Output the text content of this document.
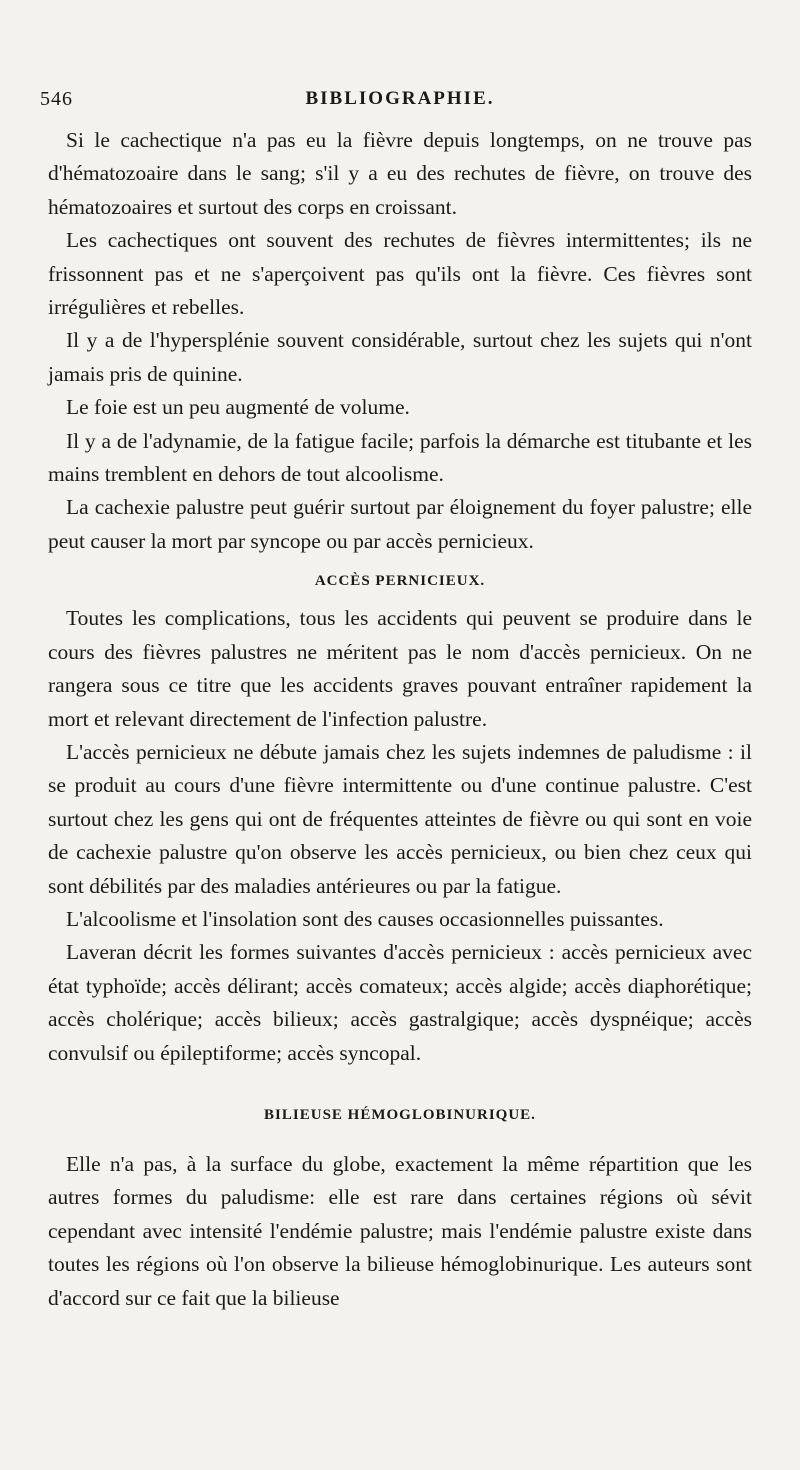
546	BIBLIOGRAPHIE.

Si le cachectique n'a pas eu la fièvre depuis longtemps, on ne trouve pas d'hématozoaire dans le sang; s'il y a eu des rechutes de fièvre, on trouve des hématozoaires et surtout des corps en croissant.

Les cachectiques ont souvent des rechutes de fièvres intermittentes; ils ne frissonnent pas et ne s'aperçoivent pas qu'ils ont la fièvre. Ces fièvres sont irrégulières et rebelles.

Il y a de l'hypersplénie souvent considérable, surtout chez les sujets qui n'ont jamais pris de quinine.

Le foie est un peu augmenté de volume.

Il y a de l'adynamie, de la fatigue facile; parfois la démarche est titubante et les mains tremblent en dehors de tout alcoolisme.

La cachexie palustre peut guérir surtout par éloignement du foyer palustre; elle peut causer la mort par syncope ou par accès pernicieux.

ACCÈS PERNICIEUX.

Toutes les complications, tous les accidents qui peuvent se produire dans le cours des fièvres palustres ne méritent pas le nom d'accès pernicieux. On ne rangera sous ce titre que les accidents graves pouvant entraîner rapidement la mort et relevant directement de l'infection palustre.

L'accès pernicieux ne débute jamais chez les sujets indemnes de paludisme : il se produit au cours d'une fièvre intermittente ou d'une continue palustre. C'est surtout chez les gens qui ont de fréquentes atteintes de fièvre ou qui sont en voie de cachexie palustre qu'on observe les accès pernicieux, ou bien chez ceux qui sont débilités par des maladies antérieures ou par la fatigue.

L'alcoolisme et l'insolation sont des causes occasionnelles puissantes.

Laveran décrit les formes suivantes d'accès pernicieux : accès pernicieux avec état typhoïde; accès délirant; accès comateux; accès algide; accès diaphorétique; accès cholérique; accès bilieux; accès gastralgique; accès dyspnéique; accès convulsif ou épileptiforme; accès syncopal.

BILIEUSE HÉMOGLOBINURIQUE.

Elle n'a pas, à la surface du globe, exactement la même répartition que les autres formes du paludisme: elle est rare dans certaines régions où sévit cependant avec intensité l'endémie palustre; mais l'endémie palustre existe dans toutes les régions où l'on observe la bilieuse hémoglobinurique. Les auteurs sont d'accord sur ce fait que la bilieuse
